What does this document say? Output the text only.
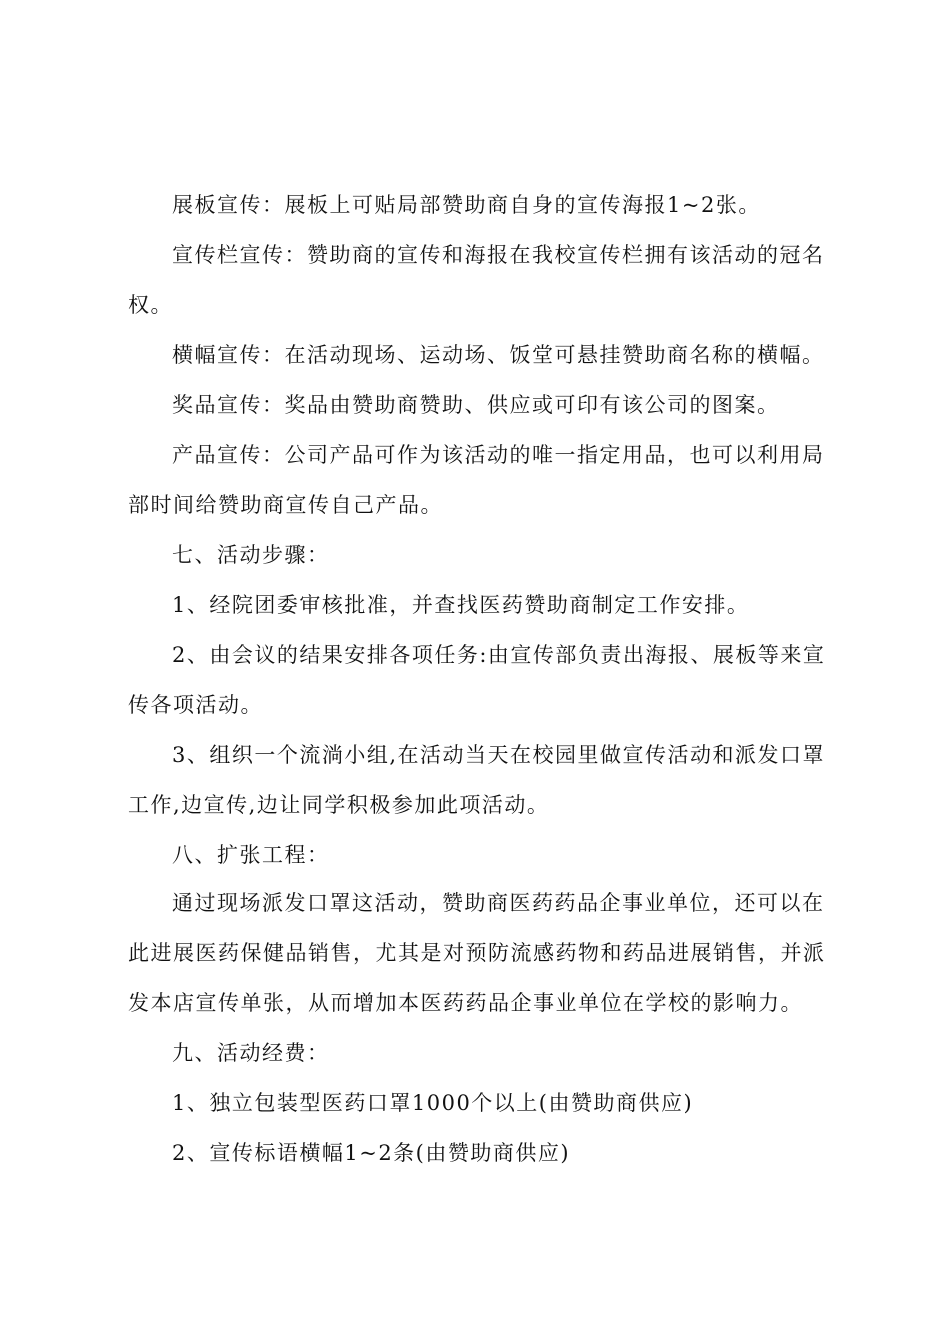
展板宣传：展板上可贴局部赞助商自身的宣传海报1~2张。
宣传栏宣传：赞助商的宣传和海报在我校宣传栏拥有该活动的冠名
权。
横幅宣传：在活动现场、运动场、饭堂可悬挂赞助商名称的横幅。
奖品宣传：奖品由赞助商赞助、供应或可印有该公司的图案。
产品宣传：公司产品可作为该活动的唯一指定用品，也可以利用局
部时间给赞助商宣传自己产品。
七、活动步骤：
1、经院团委审核批准，并查找医药赞助商制定工作安排。
2、由会议的结果安排各项任务:由宣传部负责出海报、展板等来宣
传各项活动。
3、组织一个流淌小组,在活动当天在校园里做宣传活动和派发口罩
工作,边宣传,边让同学积极参加此项活动。
八、扩张工程：
通过现场派发口罩这活动，赞助商医药药品企事业单位，还可以在
此进展医药保健品销售，尤其是对预防流感药物和药品进展销售，并派
发本店宣传单张，从而增加本医药药品企事业单位在学校的影响力。
九、活动经费：
1、独立包装型医药口罩1000个以上(由赞助商供应)
2、宣传标语横幅1~2条(由赞助商供应)
